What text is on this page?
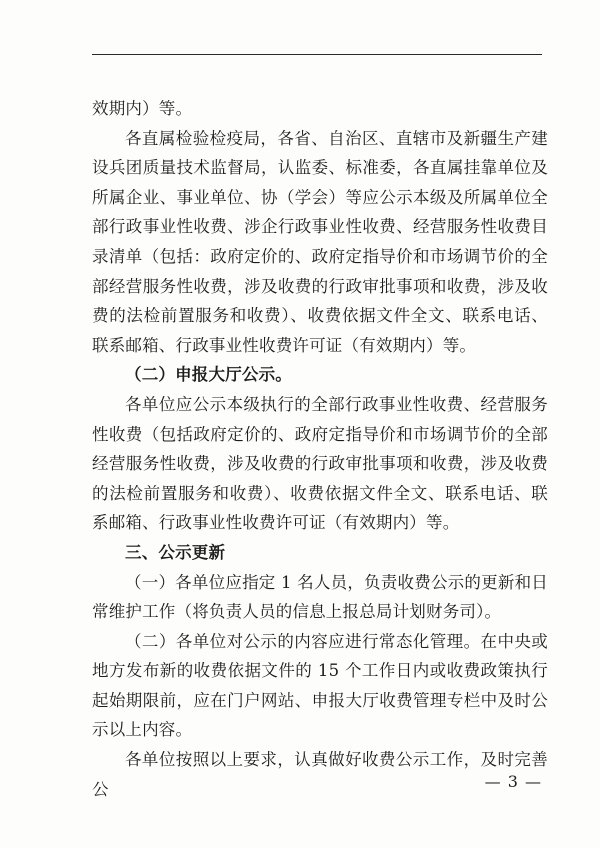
效期内）等。

各直属检验检疫局，各省、自治区、直辖市及新疆生产建设兵团质量技术监督局，认监委、标准委，各直属挂靠单位及所属企业、事业单位、协（学会）等应公示本级及所属单位全部行政事业性收费、涉企行政事业性收费、经营服务性收费目录清单（包括：政府定价的、政府定指导价和市场调节价的全部经营服务性收费，涉及收费的行政审批事项和收费，涉及收费的法检前置服务和收费）、收费依据文件全文、联系电话、联系邮箱、行政事业性收费许可证（有效期内）等。

（二）申报大厅公示。

各单位应公示本级执行的全部行政事业性收费、经营服务性收费（包括政府定价的、政府定指导价和市场调节价的全部经营服务性收费，涉及收费的行政审批事项和收费，涉及收费的法检前置服务和收费）、收费依据文件全文、联系电话、联系邮箱、行政事业性收费许可证（有效期内）等。

三、公示更新

（一）各单位应指定 1 名人员，负责收费公示的更新和日常维护工作（将负责人员的信息上报总局计划财务司）。

（二）各单位对公示的内容应进行常态化管理。在中央或地方发布新的收费依据文件的 15 个工作日内或收费政策执行起始期限前，应在门户网站、申报大厅收费管理专栏中及时公示以上内容。

各单位按照以上要求，认真做好收费公示工作，及时完善公	— 3 —
